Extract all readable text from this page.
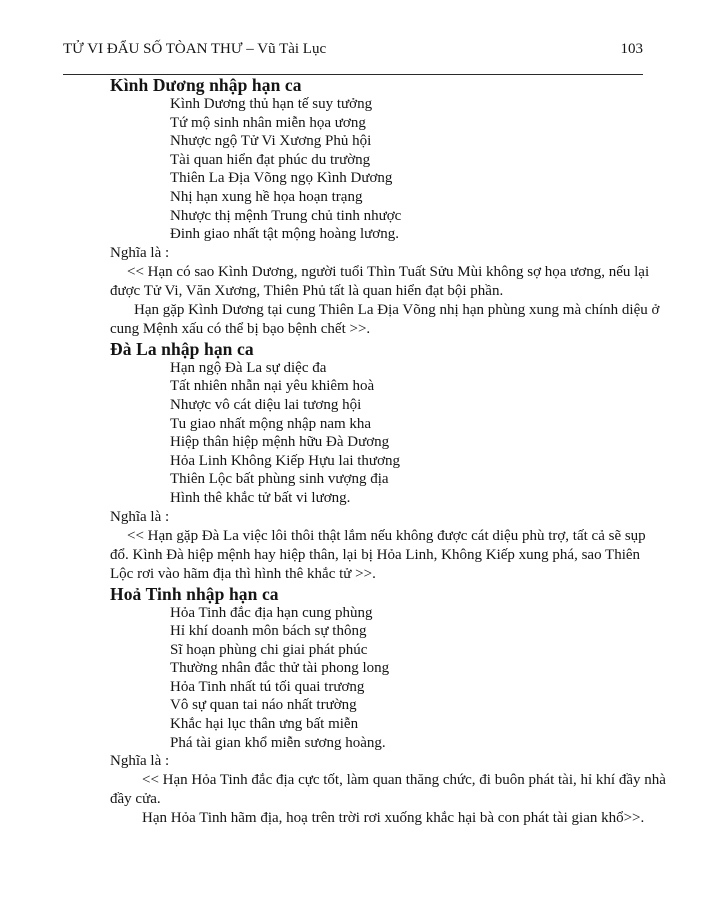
TỬ VI ĐẨU SỐ TÒAN THƯ – Vũ Tài Lục	103
Kình Dương nhập hạn ca
Kình Dương thủ hạn tế suy tưởng
Tứ mộ sinh nhân miễn họa ương
Nhược ngộ Tử Vi Xương Phủ hội
Tài quan hiển đạt phúc du trường
Thiên La Địa Võng ngọ Kình Dương
Nhị hạn xung hề họa hoạn trạng
Nhược thị mệnh Trung chủ tinh nhược
Đinh giao nhất tật mộng hoàng lương.
Nghĩa là :

<< Hạn có sao Kình Dương, người tuổi Thìn Tuất Sửu Mùi không sợ họa ương, nếu lại được Tử Vi, Văn Xương, Thiên Phủ tất là quan hiển đạt bội phần.

Hạn gặp Kình Dương tại cung Thiên La Địa Võng nhị hạn phùng xung mà chính diệu ở cung Mệnh xấu có thể bị bạo bệnh chết >>.

Đà La nhập hạn ca
Hạn ngộ Đà La sự diệc đa
Tất nhiên nhẫn nại yêu khiêm hoà
Nhược vô cát diệu lai tương hội
Tu giao nhất mộng nhập nam kha
Hiệp thân hiệp mệnh hữu Đà Dương
Hỏa Linh Không Kiếp Hựu lai thương
Thiên Lộc bất phùng sinh vượng địa
Hình thê khắc tử bất vi lương.
Nghĩa là :

<< Hạn gặp Đà La việc lôi thôi thật lắm nếu không được cát diệu phù trợ, tất cả sẽ sụp đổ. Kình Đà hiệp mệnh hay hiệp thân, lại bị Hỏa Linh, Không Kiếp xung phá, sao Thiên Lộc rơi vào hãm địa thì hình thê khắc tử >>.

Hoả Tinh nhập hạn ca
Hỏa Tinh đắc địa hạn cung phùng
Hỉ khí doanh môn bách sự thông
Sĩ hoạn phùng chi giai phát phúc
Thường nhân đắc thử tài phong long
Hỏa Tinh nhất tú tối quai trương
Vô sự quan tai náo nhất trường
Khắc hại lục thân ưng bất miễn
Phá tài gian khổ miễn sương hoàng.
Nghĩa là :

<< Hạn Hỏa Tinh đắc địa cực tốt, làm quan thăng chức, đi buôn phát tài, hỉ khí đầy nhà đầy cửa.

Hạn Hỏa Tinh hãm địa, hoạ trên trời rơi xuống khắc hại bà con phát tài gian khổ>>.
